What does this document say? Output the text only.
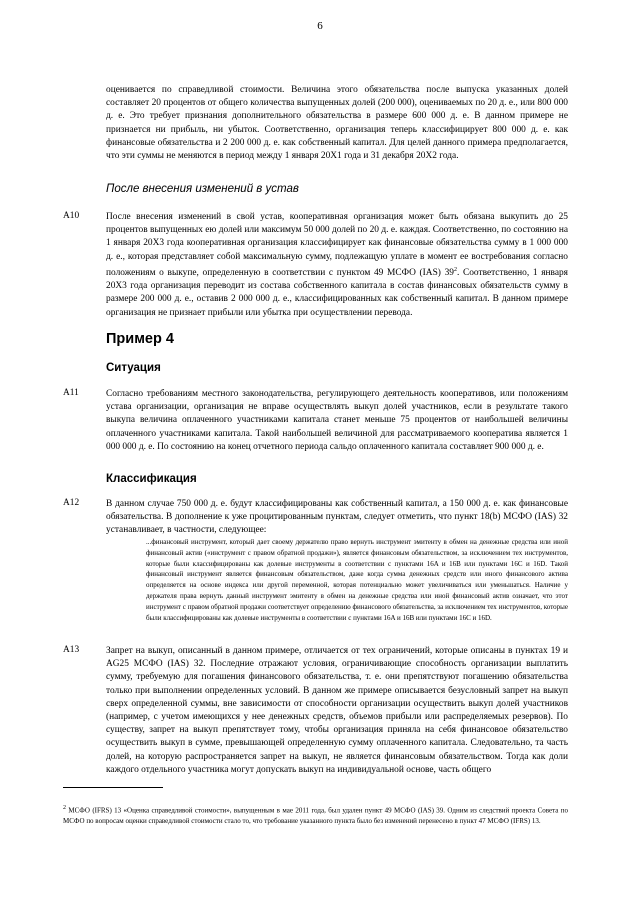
6
оценивается по справедливой стоимости. Величина этого обязательства после выпуска указанных долей составляет 20 процентов от общего количества выпущенных долей (200 000), оцениваемых по 20 д. е., или 800 000 д. е. Это требует признания дополнительного обязательства в размере 600 000 д. е. В данном примере не признается ни прибыль, ни убыток. Соответственно, организация теперь классифицирует 800 000 д. е. как финансовые обязательства и 2 200 000 д. е. как собственный капитал. Для целей данного примера предполагается, что эти суммы не меняются в период между 1 января 20X1 года и 31 декабря 20X2 года.
После внесения изменений в устав
A10	После внесения изменений в свой устав, кооперативная организация может быть обязана выкупить до 25 процентов выпущенных ею долей или максимум 50 000 долей по 20 д. е. каждая. Соответственно, по состоянию на 1 января 20X3 года кооперативная организация классифицирует как финансовые обязательства сумму в 1 000 000 д. е., которая представляет собой максимальную сумму, подлежащую уплате в момент ее востребования согласно положениям о выкупе, определенную в соответствии с пунктом 49 МСФО (IAS) $39^2$. Соответственно, 1 января 20X3 года организация переводит из состава собственного капитала в состав финансовых обязательств сумму в размере 200 000 д. е., оставив 2 000 000 д. е., классифицированных как собственный капитал. В данном примере организация не признает прибыли или убытка при осуществлении перевода.
Пример 4
Ситуация
A11	Согласно требованиям местного законодательства, регулирующего деятельность кооперативов, или положениям устава организации, организация не вправе осуществлять выкуп долей участников, если в результате такого выкупа величина оплаченного участниками капитала станет меньше 75 процентов от наибольшей величины оплаченного участниками капитала. Такой наибольшей величиной для рассматриваемого кооператива является 1 000 000 д. е. По состоянию на конец отчетного периода сальдо оплаченного капитала составляет 900 000 д. е.
Классификация
A12	В данном случае 750 000 д. е. будут классифицированы как собственный капитал, а 150 000 д. е. как финансовые обязательства. В дополнение к уже процитированным пунктам, следует отметить, что пункт 18(b) МСФО (IAS) 32 устанавливает, в частности, следующее:
...финансовый инструмент, который дает своему держателю право вернуть инструмент эмитенту в обмен на денежные средства или иной финансовый актив («инструмент с правом обратной продажи»), является финансовым обязательством, за исключением тех инструментов, которые были классифицированы как долевые инструменты в соответствии с пунктами 16A и 16B или пунктами 16C и 16D. Такой финансовый инструмент является финансовым обязательством, даже когда сумма денежных средств или иного финансового актива определяется на основе индекса или другой переменной, которая потенциально может увеличиваться или уменьшаться. Наличие у держателя права вернуть данный инструмент эмитенту в обмен на денежные средства или иной финансовый актив означает, что этот инструмент с правом обратной продажи соответствует определению финансового обязательства, за исключением тех инструментов, которые были классифицированы как долевые инструменты в соответствии с пунктами 16A и 16B или пунктами 16C и 16D.
A13	Запрет на выкуп, описанный в данном примере, отличается от тех ограничений, которые описаны в пунктах 19 и AG25 МСФО (IAS) 32. Последние отражают условия, ограничивающие способность организации выплатить сумму, требуемую для погашения финансового обязательства, т. е. они препятствуют погашению обязательства только при выполнении определенных условий. В данном же примере описывается безусловный запрет на выкуп сверх определенной суммы, вне зависимости от способности организации осуществить выкуп долей участников (например, с учетом имеющихся у нее денежных средств, объемов прибыли или распределяемых резервов). По существу, запрет на выкуп препятствует тому, чтобы организация приняла на себя финансовое обязательство осуществить выкуп в сумме, превышающей определенную сумму оплаченного капитала. Следовательно, та часть долей, на которую распространяется запрет на выкуп, не является финансовым обязательством. Тогда как доли каждого отдельного участника могут допускать выкуп на индивидуальной основе, часть общего
$^2$ МСФО (IFRS) 13 «Оценка справедливой стоимости», выпущенным в мае 2011 года, был удален пункт 49 МСФО (IAS) 39. Одним из следствий проекта Совета по МСФО по вопросам оценки справедливой стоимости стало то, что требование указанного пункта было без изменений перенесено в пункт 47 МСФО (IFRS) 13.
